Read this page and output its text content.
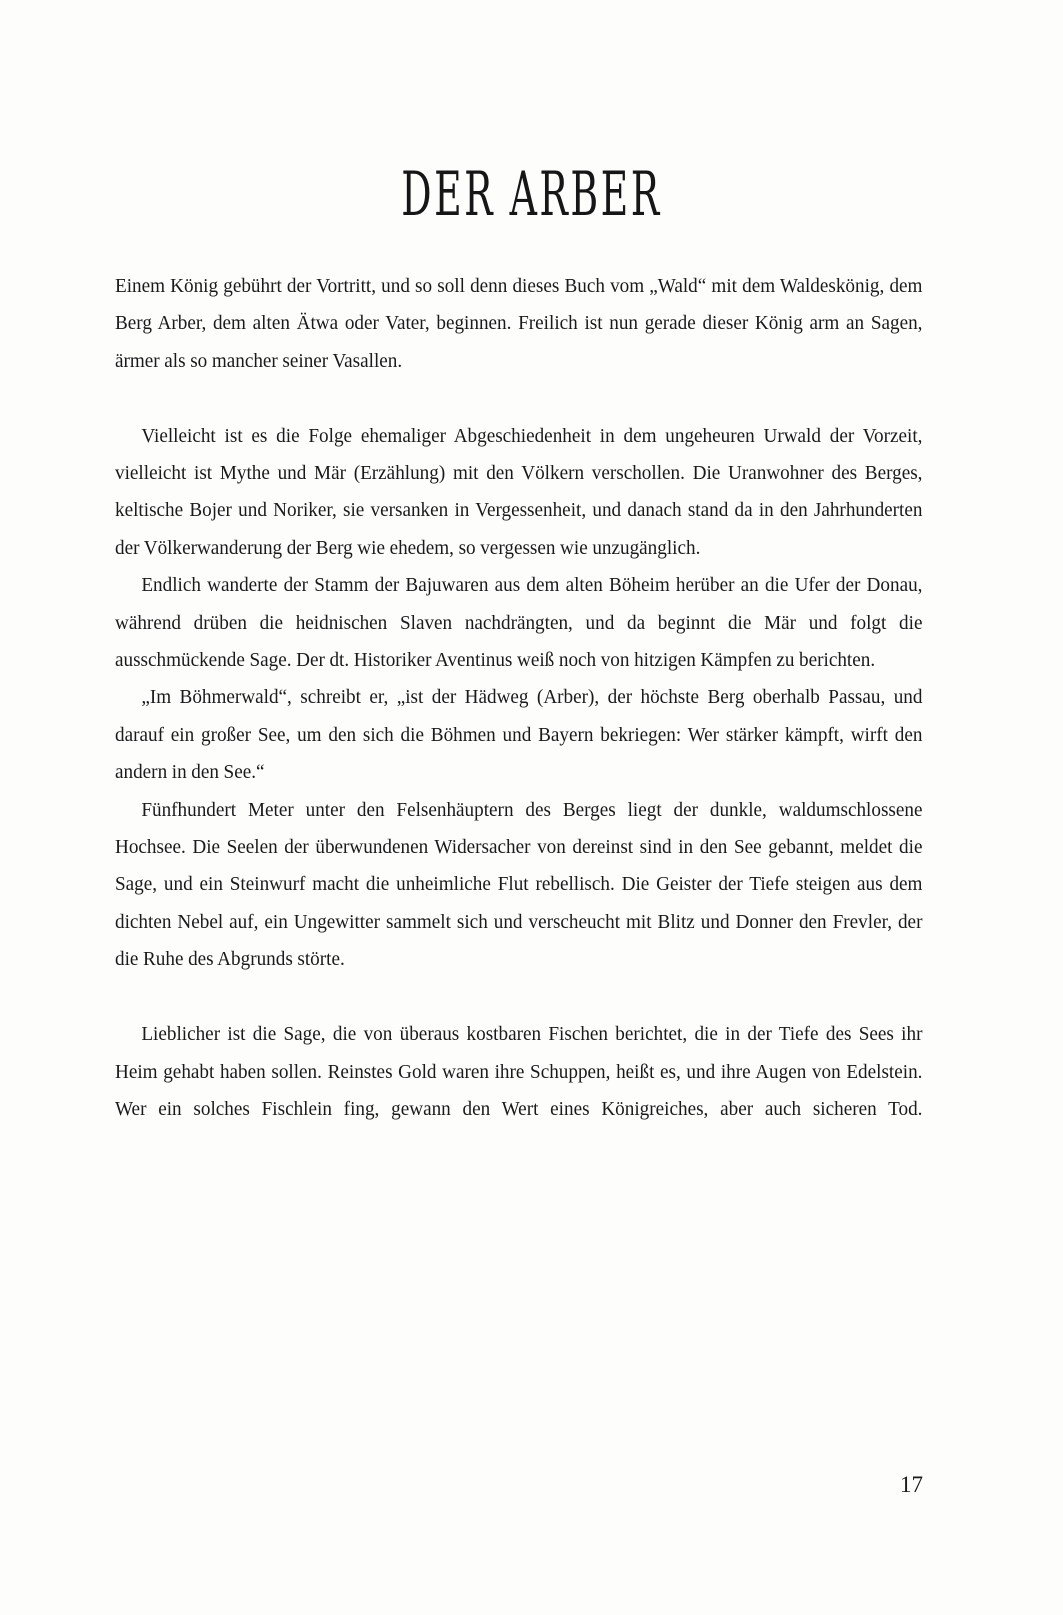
DER ARBER

Einem König gebührt der Vortritt, und so soll denn dieses Buch vom „Wald“ mit dem Waldeskönig, dem Berg Arber, dem alten Ätwa oder Vater, beginnen. Freilich ist nun gerade dieser König arm an Sagen, ärmer als so mancher seiner Vasallen.

Vielleicht ist es die Folge ehemaliger Abgeschiedenheit in dem ungeheuren Urwald der Vorzeit, vielleicht ist Mythe und Mär (Erzählung) mit den Völkern verschollen. Die Uranwohner des Berges, keltische Bojer und Noriker, sie versanken in Vergessenheit, und danach stand da in den Jahrhunderten der Völkerwanderung der Berg wie ehedem, so vergessen wie unzugänglich.

Endlich wanderte der Stamm der Bajuwaren aus dem alten Böheim herüber an die Ufer der Donau, während drüben die heidnischen Slaven nachdrängten, und da beginnt die Mär und folgt die ausschmückende Sage. Der dt. Historiker Aventinus weiß noch von hitzigen Kämpfen zu berichten.

„Im Böhmerwald“, schreibt er, „ist der Hädweg (Arber), der höchste Berg oberhalb Passau, und darauf ein großer See, um den sich die Böhmen und Bayern bekriegen: Wer stärker kämpft, wirft den andern in den See.“

Fünfhundert Meter unter den Felsenhäuptern des Berges liegt der dunkle, waldumschlossene Hochsee. Die Seelen der überwundenen Widersacher von dereinst sind in den See gebannt, meldet die Sage, und ein Steinwurf macht die unheimliche Flut rebellisch. Die Geister der Tiefe steigen aus dem dichten Nebel auf, ein Ungewitter sammelt sich und verscheucht mit Blitz und Donner den Frevler, der die Ruhe des Abgrunds störte.

Lieblicher ist die Sage, die von überaus kostbaren Fischen berichtet, die in der Tiefe des Sees ihr Heim gehabt haben sollen. Reinstes Gold waren ihre Schuppen, heißt es, und ihre Augen von Edelstein. Wer ein solches Fischlein fing, gewann den Wert eines Königreiches, aber auch sicheren Tod.

17
